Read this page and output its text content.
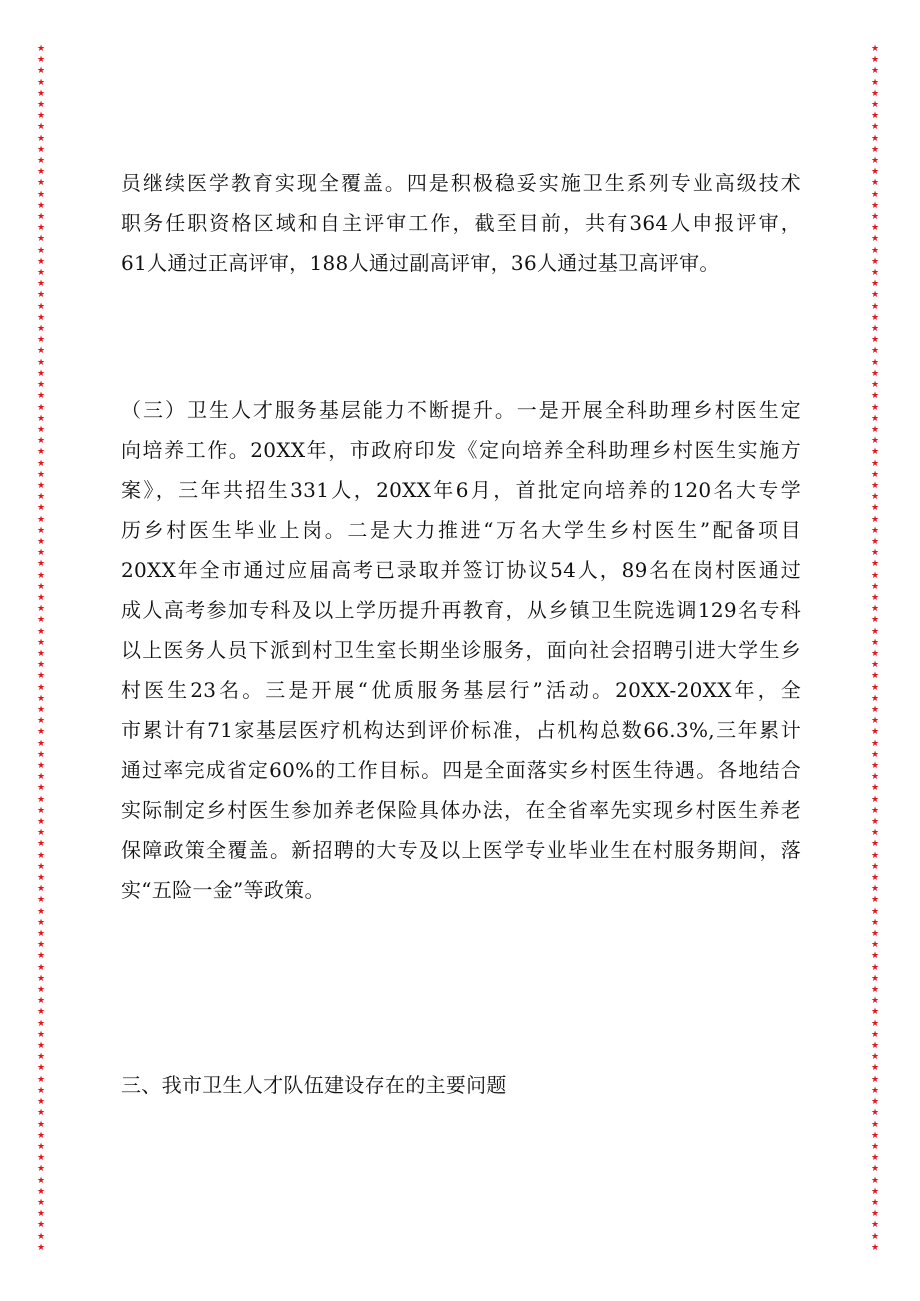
★
★
★
★
★
★
★
★
★
★
★
★
★
★
★
★
★
★
★
★
★
★
★
★
★
★
★
★
★
★
★
★
★
★
★
★
★
★
★
★
★
★
★
★
★
★
★
★
★
★
★
★
★
★
★
★
★
★
★
★
★
★
★
★
★
★
★
★
★
★
★
★
★
★
★
★
★
★
★
★
★
★
★
★
★
★
★
★
★
★
★
★
★
★
★
★
★
★
★
★
★
★
★
★
★
★
★
★
★
★
★
★
★
★
★
★
★
★
★
★
★
★
★
★
★
★
★
★
★
★
★
★
★
★
★
★
★
★
★
★
★
★
★
★
★
★
★
★
★
★
★
★
★
★
★
★
★
★
★
★
★
★
★
★
★
★
★
★
★
★
★
★
★
★
★
★
★
★
★
★
★
★
★
★
★
★
★
★
★
★
★
★
★
★
★
★
★
★
★
★
★
★
★
★
★
★
★
★
★
★
★
★
★
★
★
★
员继续医学教育实现全覆盖。四是积极稳妥实施卫生系列专业高级技术
职务任职资格区域和自主评审工作，截至目前，共有364人申报评审，
61人通过正高评审，188人通过副高评审，36人通过基卫高评审。
（三）卫生人才服务基层能力不断提升。一是开展全科助理乡村医生定
向培养工作。20XX年，市政府印发《定向培养全科助理乡村医生实施方
案》，三年共招生331人，20XX年6月，首批定向培养的120名大专学
历乡村医生毕业上岗。二是大力推进“万名大学生乡村医生”配备项目
20XX年全市通过应届高考已录取并签订协议54人，89名在岗村医通过
成人高考参加专科及以上学历提升再教育，从乡镇卫生院选调129名专科
以上医务人员下派到村卫生室长期坐诊服务，面向社会招聘引进大学生乡
村医生23名。三是开展“优质服务基层行”活动。20XX-20XX年，全
市累计有71家基层医疗机构达到评价标准，占机构总数66.3%,三年累计
通过率完成省定60%的工作目标。四是全面落实乡村医生待遇。各地结合
实际制定乡村医生参加养老保险具体办法，在全省率先实现乡村医生养老
保障政策全覆盖。新招聘的大专及以上医学专业毕业生在村服务期间，落
实“五险一金”等政策。
三、我市卫生人才队伍建设存在的主要问题
